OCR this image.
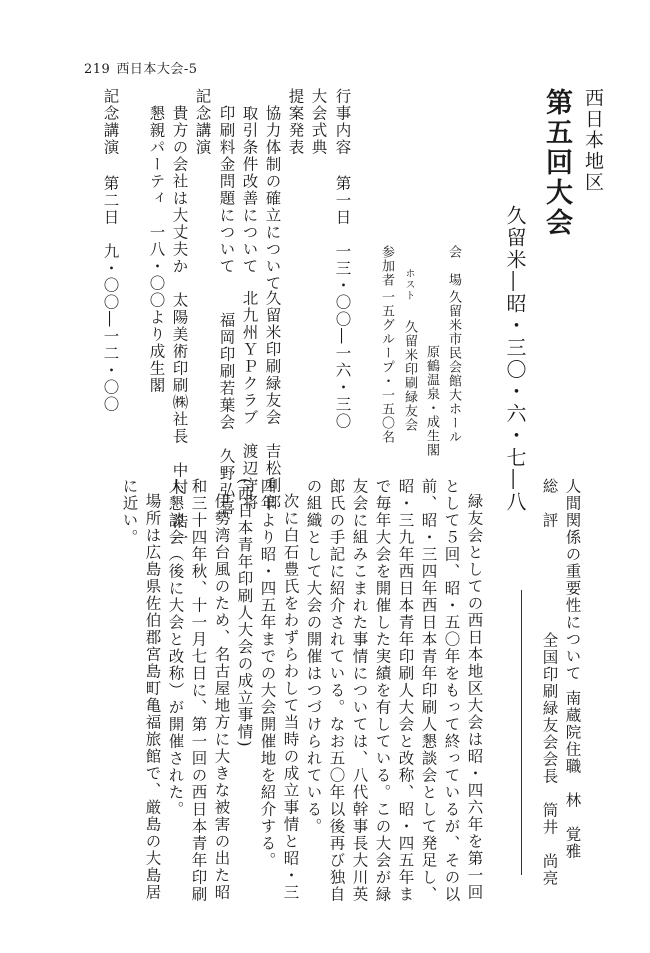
219 西日本大会-5
西日本地区
第五回大会
久留米―昭・三〇・六・七―八
会　場
久留米市民会館大ホール
原鶴温泉・成生閣
ホスト
久留米印刷緑友会
参加者
一五グループ・一五〇名
行事内容
第一日　一三・〇〇―一六・三〇
大会式典
提案発表
協力体制の確立について
久留米印刷緑友会　吉松利郎
取引条件改善について
北九州ＹＰクラブ　渡辺守将
印刷料金問題について
福岡印刷若葉会　久野弘喜
記念講演
貴方の会社は大丈夫か　太陽美術印刷㈱社長　中村　浩一
懇親パーティ　一八・〇〇より成生閣
記念講演
第二日　九・〇〇―一二・〇〇
人間関係の重要性について
南蔵院住職　林　覚雅
総　評
全国印刷緑友会会長　筒井　尚亮
緑友会としての西日本地区大会は昭・四六年を第一回
として５回、昭・五〇年をもって終っているが、その以
前、昭・三四年西日本青年印刷人懇談会として発足し、
昭・三九年西日本青年印刷人大会と改称、昭・四五年ま
で毎年大会を開催した実績を有している。この大会が緑
友会に組みこまれた事情については、八代幹事長大川英
郎氏の手記に紹介されている。なお五〇年以後再び独自
の組織として大会の開催はつづけられている。
次に白石豊氏をわずらわして当時の成立事情と昭・三
四年より昭・四五年までの大会開催地を紹介する。
(西日本青年印刷人大会の成立事情)
伊勢湾台風のため、名古屋地方に大きな被害の出た昭
和三十四年秋、十一月七日に、第一回の西日本青年印刷
人懇談会（後に大会と改称）が開催された。
場所は広島県佐伯郡宮島町亀福旅館で、厳島の大島居
に近い。
